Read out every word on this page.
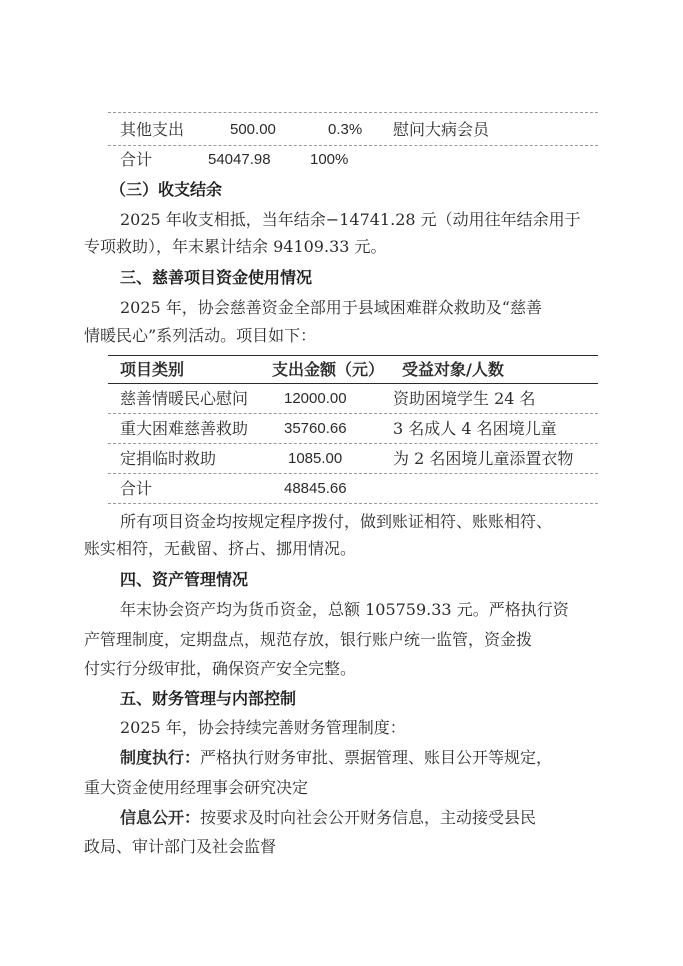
其他支出	500.00	0.3% 慰问大病会员
合计	54047.98	100%
（三）收支结余
2025 年收支相抵，当年结余−14741.28 元（动用往年结余用于
专项救助），年末累计结余 94109.33 元。
三、慈善项目资金使用情况
2025 年，协会慈善资金全部用于县域困难群众救助及“慈善
情暖民心”系列活动。项目如下：
项目类别	支出金额（元） 受益对象/人数
慈善情暖民心慰问 12000.00	资助困境学生 24 名
重大困难慈善救助 35760.66	3 名成人 4 名困境儿童
定捐临时救助	1085.00	为 2 名困境儿童添置衣物
合计	48845.66
所有项目资金均按规定程序拨付，做到账证相符、账账相符、
账实相符，无截留、挤占、挪用情况。
四、资产管理情况
年末协会资产均为货币资金，总额 105759.33 元。严格执行资
产管理制度，定期盘点，规范存放，银行账户统一监管，资金拨
付实行分级审批，确保资产安全完整。
五、财务管理与内部控制
2025 年，协会持续完善财务管理制度：
制度执行：严格执行财务审批、票据管理、账目公开等规定，
重大资金使用经理事会研究决定
信息公开：按要求及时向社会公开财务信息，主动接受县民
政局、审计部门及社会监督
